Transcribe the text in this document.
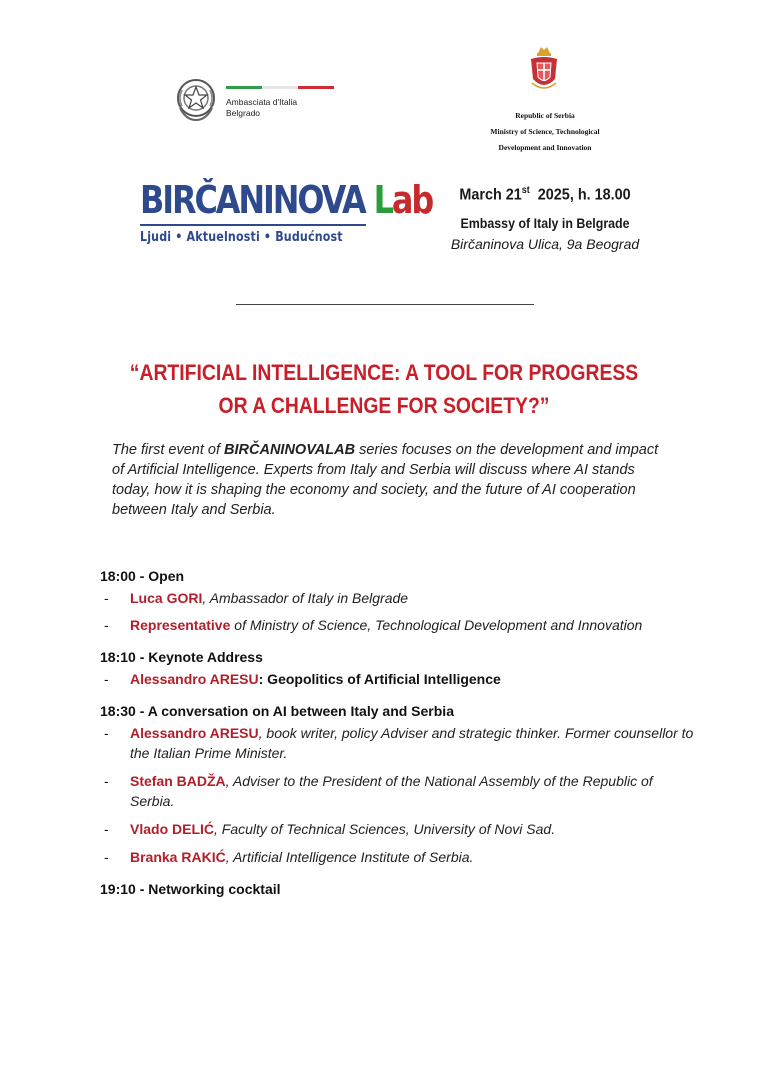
Ambasciata d'Italia
Belgrado	Republic of Serbia
Ministry of Science, Technological
Development and Innovation
BIRČANINOVA Lab
Ljudi • Aktuelnosti • Budućnost
March 21st  2025, h. 18.00
Embassy of Italy in Belgrade
Birčaninova Ulica, 9a Beograd
“ARTIFICIAL INTELLIGENCE: A TOOL FOR PROGRESS
OR A CHALLENGE FOR SOCIETY?”
The first event of BIRČANINOVALAB series focuses on the development and impact of Artificial Intelligence. Experts from Italy and Serbia will discuss where AI stands today, how it is shaping the economy and society, and the future of AI cooperation between Italy and Serbia.
18:00 - Open
- Luca GORI, Ambassador of Italy in Belgrade
- Representative of Ministry of Science, Technological Development and Innovation
18:10 - Keynote Address
- Alessandro ARESU: Geopolitics of Artificial Intelligence
18:30 - A conversation on AI between Italy and Serbia
- Alessandro ARESU, book writer, policy Adviser and strategic thinker. Former counsellor to the Italian Prime Minister.
- Stefan BADŽA, Adviser to the President of the National Assembly of the Republic of Serbia.
- Vlado DELIĆ, Faculty of Technical Sciences, University of Novi Sad.
- Branka RAKIĆ, Artificial Intelligence Institute of Serbia.
19:10 - Networking cocktail
